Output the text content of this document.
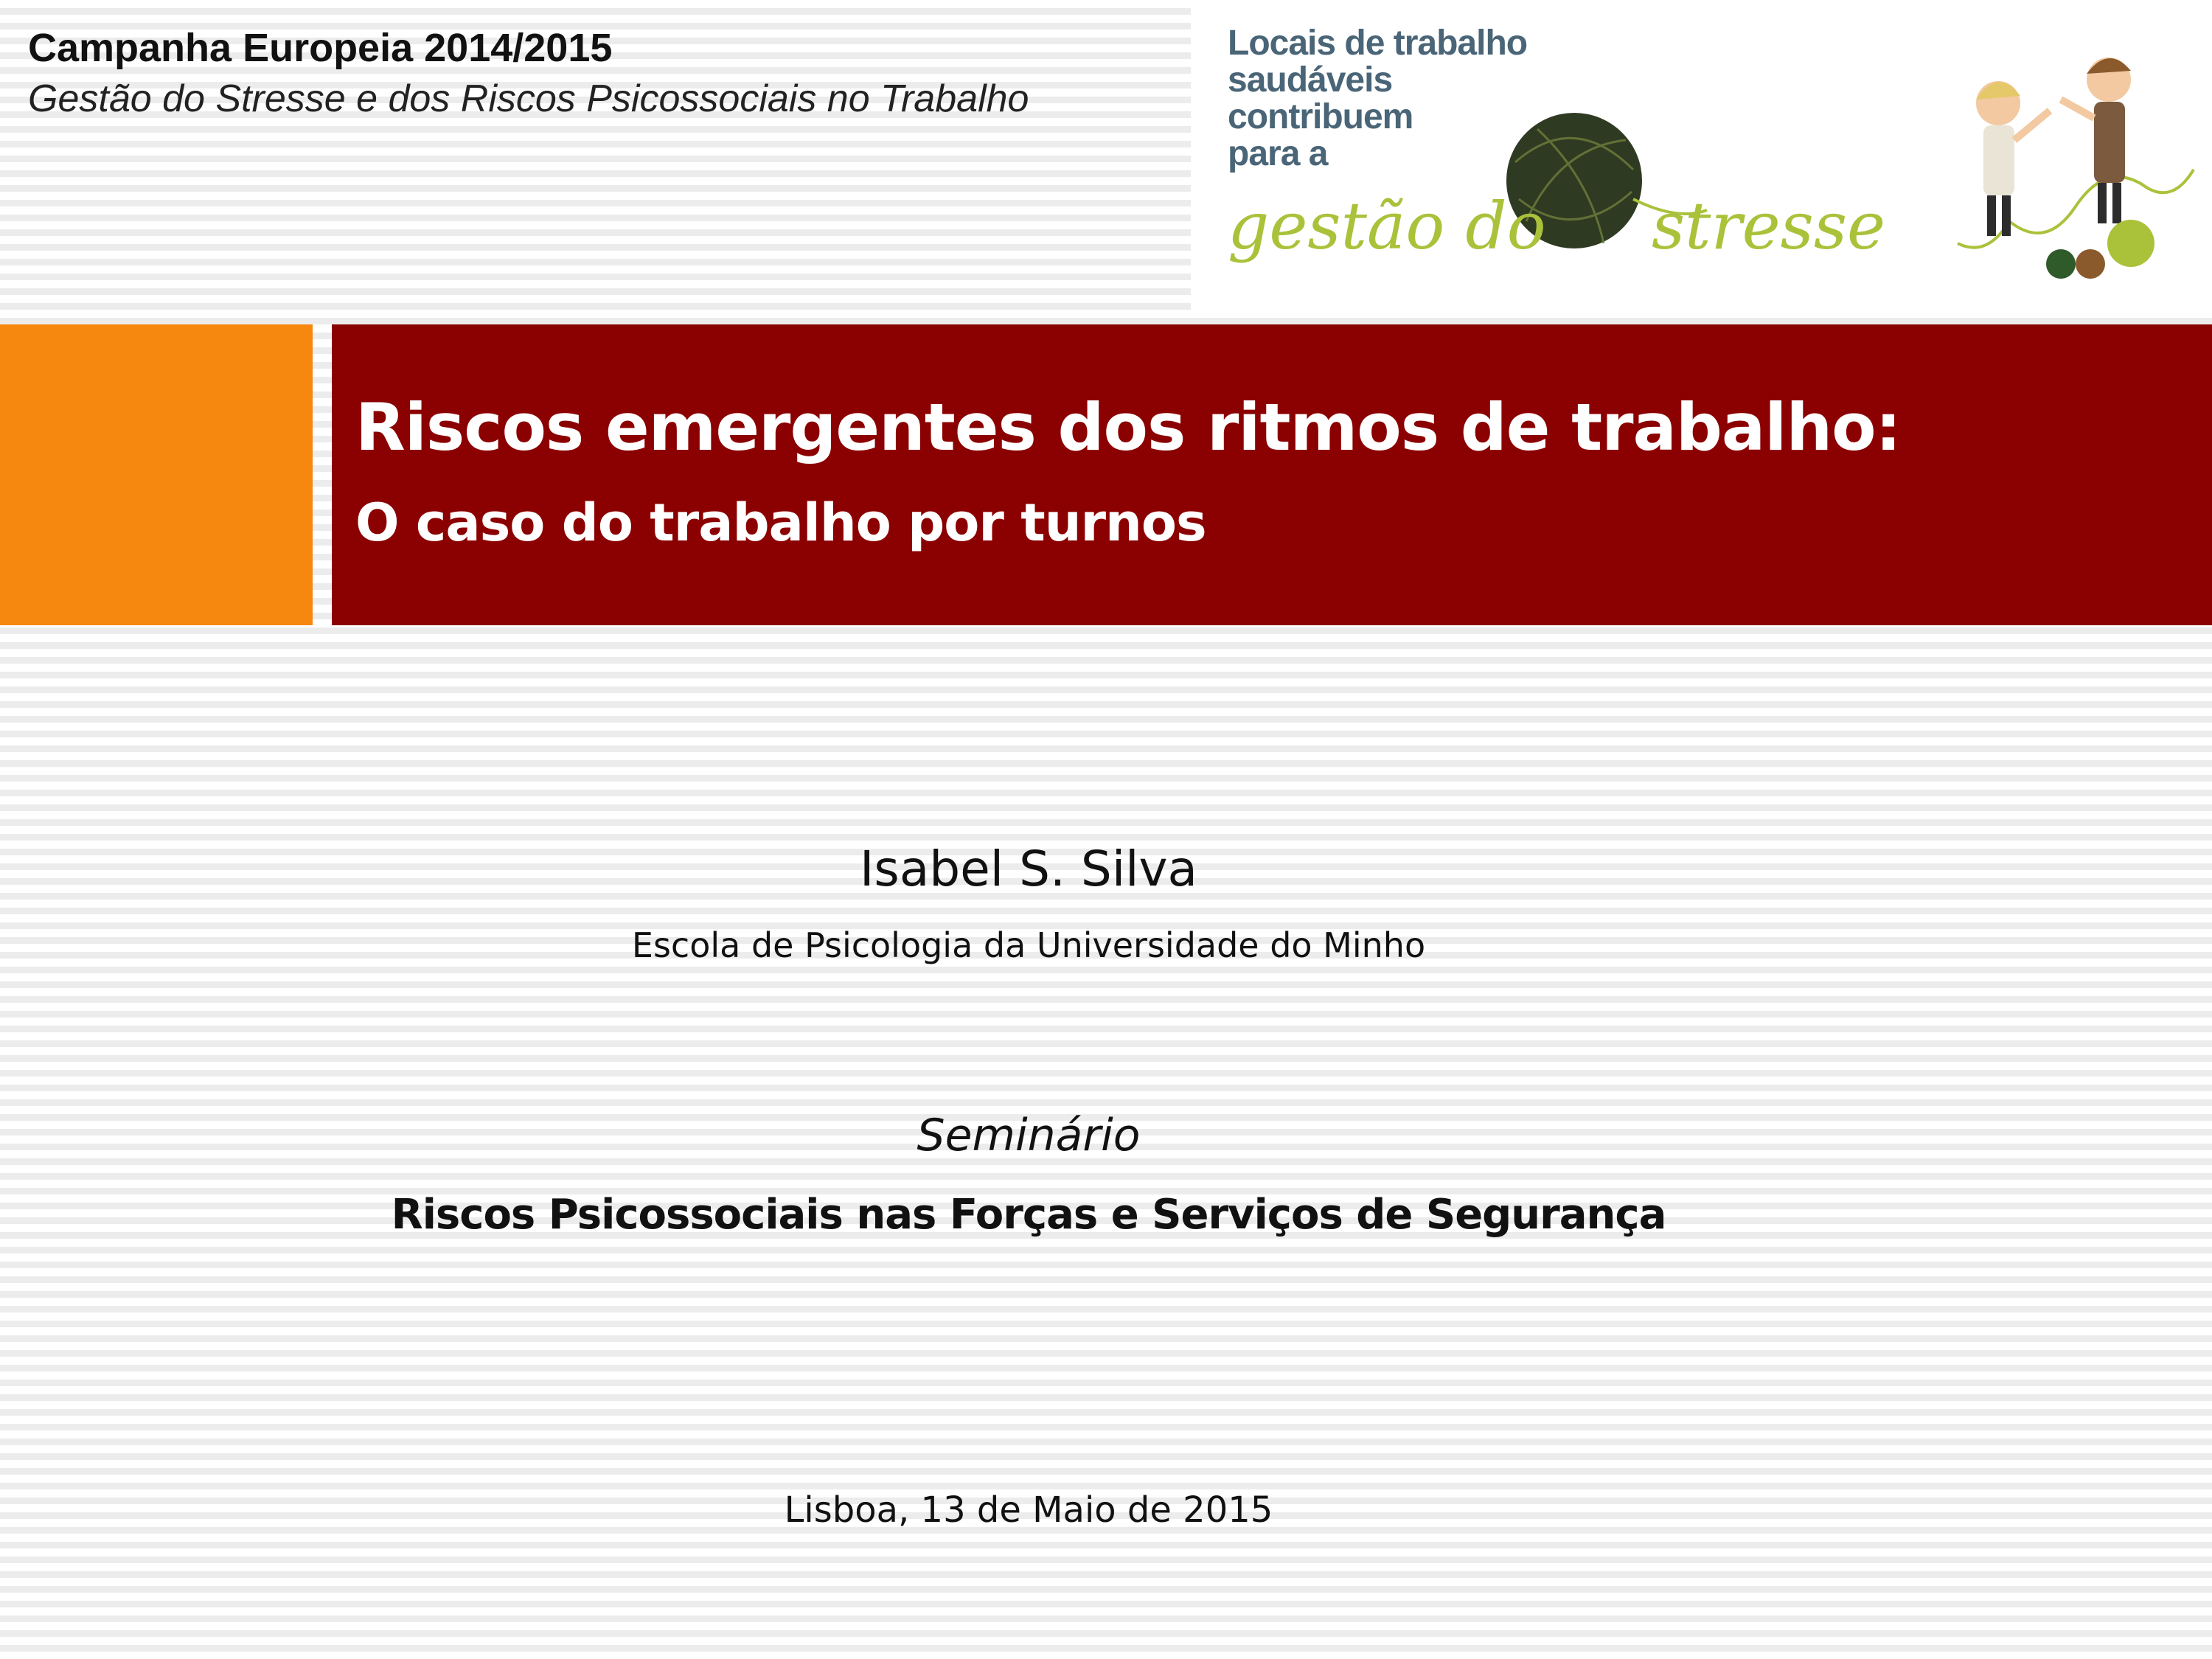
Campanha Europeia 2014/2015

Gestão do Stresse e dos Riscos Psicossociais no Trabalho

Locais de trabalho
saudáveis
contribuem
para a
gestão do stresse
Riscos emergentes dos ritmos de trabalho:
O caso do trabalho por turnos

Isabel S. Silva

Escola de Psicologia da Universidade do Minho

Seminário

Riscos Psicossociais nas Forças e Serviços de Segurança

Lisboa, 13 de Maio de 2015
